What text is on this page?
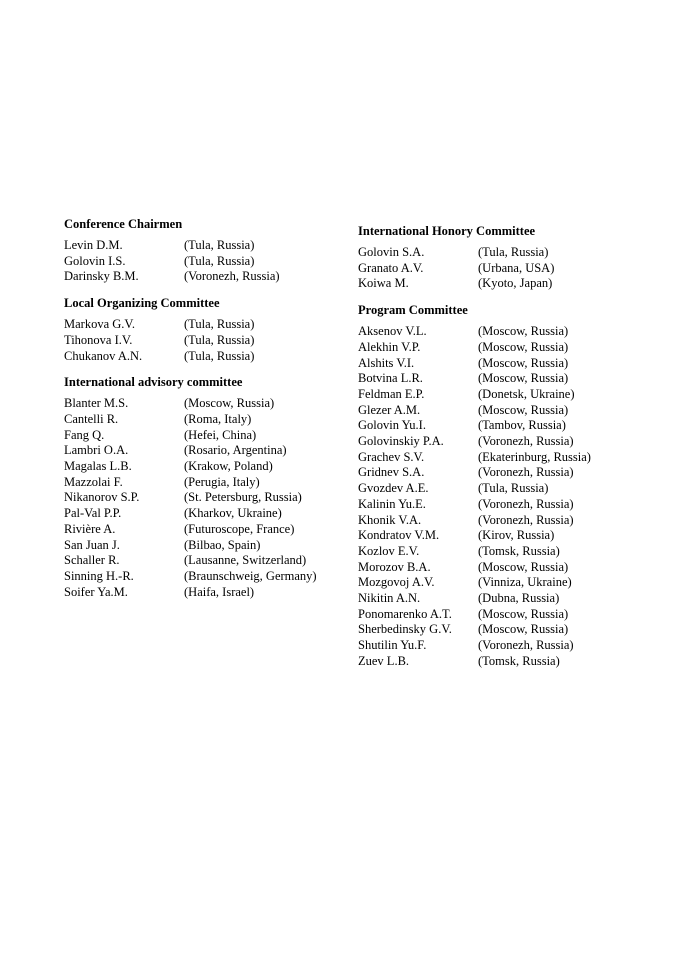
Conference Chairmen
Levin D.M.	(Tula, Russia)
Golovin I.S.	(Tula, Russia)
Darinsky B.M.	(Voronezh, Russia)
Local Organizing Committee
Markova G.V.	(Tula, Russia)
Tihonova I.V.	(Tula, Russia)
Chukanov A.N.	(Tula, Russia)
International advisory committee
Blanter M.S.	(Moscow, Russia)
Cantelli R.	(Roma, Italy)
Fang Q.	(Hefei, China)
Lambri O.A.	(Rosario, Argentina)
Magalas L.B.	(Krakow, Poland)
Mazzolai F.	(Perugia, Italy)
Nikanorov S.P.	(St. Petersburg, Russia)
Pal-Val P.P.	(Kharkov, Ukraine)
Rivière A.	(Futuroscope, France)
San Juan J.	(Bilbao, Spain)
Schaller R.	(Lausanne, Switzerland)
Sinning H.-R.	(Braunschweig, Germany)
Soifer Ya.M.	(Haifa, Israel)
International Honory Committee
Golovin S.A.	(Tula, Russia)
Granato A.V.	(Urbana, USA)
Koiwa M.	(Kyoto, Japan)
Program Committee
Aksenov V.L.	(Moscow, Russia)
Alekhin V.P.	(Moscow, Russia)
Alshits V.I.	(Moscow, Russia)
Botvina L.R.	(Moscow, Russia)
Feldman E.P.	(Donetsk, Ukraine)
Glezer A.M.	(Moscow, Russia)
Golovin Yu.I.	(Tambov, Russia)
Golovinskiy P.A.	(Voronezh, Russia)
Grachev S.V.	(Ekaterinburg, Russia)
Gridnev S.A.	(Voronezh, Russia)
Gvozdev A.E.	(Tula, Russia)
Kalinin Yu.E.	(Voronezh, Russia)
Khonik V.A.	(Voronezh, Russia)
Kondratov V.M.	(Kirov, Russia)
Kozlov E.V.	(Tomsk, Russia)
Morozov B.A.	(Moscow, Russia)
Mozgovoj A.V.	(Vinniza, Ukraine)
Nikitin A.N.	(Dubna, Russia)
Ponomarenko A.T.	(Moscow, Russia)
Sherbedinsky G.V.	(Moscow, Russia)
Shutilin Yu.F.	(Voronezh, Russia)
Zuev L.B.	(Tomsk, Russia)
